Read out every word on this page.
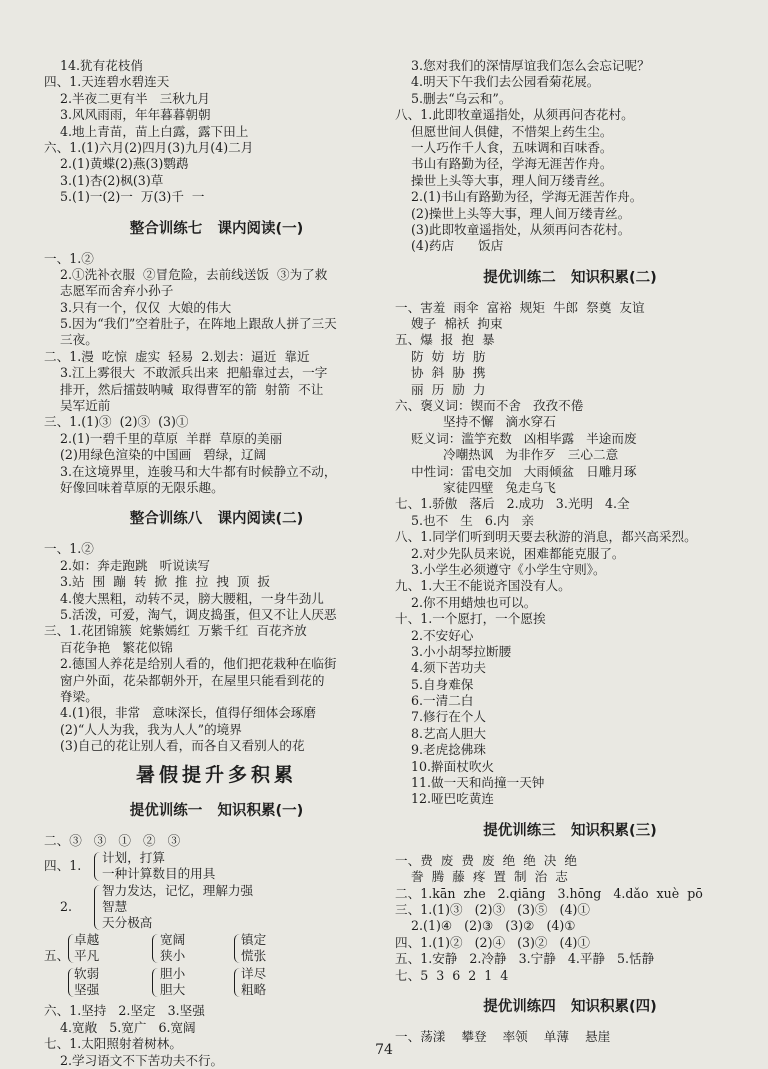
14.犹有花枝俏
四、1.天连碧水碧连天
2.半夜二更有半   三秋九月
3.风风雨雨，年年暮暮朝朝
4.地上青苗，苗上白露，露下田上
六、1.(1)六月(2)四月(3)九月(4)二月
2.(1)黄蝶(2)燕(3)鹦鹉
3.(1)杏(2)枫(3)草
5.(1)一(2)一  万(3)千  一
整合训练七   课内阅读(一)
一、1.②
2.①洗补衣服  ②冒危险，去前线送饭  ③为了救
志愿军而舍弃小孙子
3.只有一个，仅仅  大娘的伟大
5.因为“我们”空着肚子，在阵地上跟敌人拼了三天
三夜。
二、1.漫  吃惊  虚实  轻易  2.划去：逼近  靠近
3.江上雾很大  不敢派兵出来  把船靠过去，一字
排开，然后擂鼓呐喊  取得曹军的箭  射箭  不让
吴军近前
三、1.(1)③  (2)③  (3)①
2.(1)一碧千里的草原  羊群  草原的美丽
(2)用绿色渲染的中国画   碧绿，辽阔
3.在这境界里，连骏马和大牛都有时候静立不动，
好像回味着草原的无限乐趣。
整合训练八   课内阅读(二)
一、1.②
2.如：奔走跑跳   听说读写
3.站  围  蹦  转  掀  推  拉  拽  顶  扳
4.傻大黑粗，动转不灵，膀大腰粗，一身牛劲儿
5.活泼，可爱，淘气，调皮捣蛋，但又不让人厌恶
三、1.花团锦簇  姹紫嫣红  万紫千红  百花齐放
百花争艳   繁花似锦
2.德国人养花是给别人看的，他们把花栽种在临街
窗户外面，花朵都朝外开，在屋里只能看到花的
脊梁。
4.(1)很，非常   意味深长，值得仔细体会琢磨
(2)“人人为我，我为人人”的境界
(3)自己的花让别人看，而各自又看别人的花
暑假提升多积累
提优训练一   知识积累(一)
二、③   ③   ①   ②   ③
四、1.
计划，打算
一种计算数目的用具
2.
智力发达，记忆，理解力强
智慧
天分极高
五、
卓越
平凡
宽阔
狭小
软弱
坚强
胆小
胆大
镇定
慌张
详尽
粗略
六、1.坚持   2.坚定   3.坚强
4.宽敞   5.宽广   6.宽阔
七、1.太阳照射着树林。
2.学习语文不下苦功夫不行。
3.您对我们的深情厚谊我们怎么会忘记呢？
4.明天下午我们去公园看菊花展。
5.删去“乌云和”。
八、1.此即牧童遥指处，从须再问杏花村。
但愿世间人俱健，不惜架上药生尘。
一人巧作千人食，五味调和百味香。
书山有路勤为径，学海无涯苦作舟。
操世上头等大事，理人间万缕青丝。
2.(1)书山有路勤为径，学海无涯苦作舟。
(2)操世上头等大事，理人间万缕青丝。
(3)此即牧童遥指处，从须再问杏花村。
(4)药店      饭店
提优训练二   知识积累(二)
一、害羞  雨伞  富裕  规矩  牛郎  祭奠  友谊
嫂子  棉袄  拘束
五、爆  报  抱  暴
防  妨  坊  肪
协  斜  胁  携
丽  历  励  力
六、褒义词：锲而不舍   孜孜不倦
坚持不懈   滴水穿石
贬义词：滥竽充数   凶相毕露   半途而废
冷嘲热讽   为非作歹   三心二意
中性词：雷电交加   大雨倾盆   日雕月琢
家徒四壁   兔走乌飞
七、1.骄傲   落后   2.成功   3.光明   4.全
5.也不   生   6.内   亲
八、1.同学们听到明天要去秋游的消息，都兴高采烈。
2.对少先队员来说，困难都能克服了。
3.小学生必须遵守《小学生守则》。
九、1.大王不能说齐国没有人。
2.你不用蜡烛也可以。
十、1.一个愿打，一个愿挨
2.不安好心
3.小小胡琴拉断腰
4.须下苦功夫
5.自身难保
6.一清二白
7.修行在个人
8.艺高人胆大
9.老虎捻佛珠
10.擀面杖吹火
11.做一天和尚撞一天钟
12.哑巴吃黄连
提优训练三   知识积累(三)
一、费  废  费  废  绝  绝  决  绝
誊  腾  藤  疼  置  制  治  志
二、1.kān  zhe   2.qiāng   3.hōng   4.dǎo  xuè  pō
三、1.(1)③   (2)③   (3)⑤   (4)①
2.(1)④   (2)③   (3)②   (4)①
四、1.(1)②   (2)④   (3)②   (4)①
五、1.安静   2.冷静   3.宁静   4.平静   5.恬静
七、5  3  6  2  1  4
提优训练四   知识积累(四)
一、荡漾    攀登    率领    单薄    悬崖
74
